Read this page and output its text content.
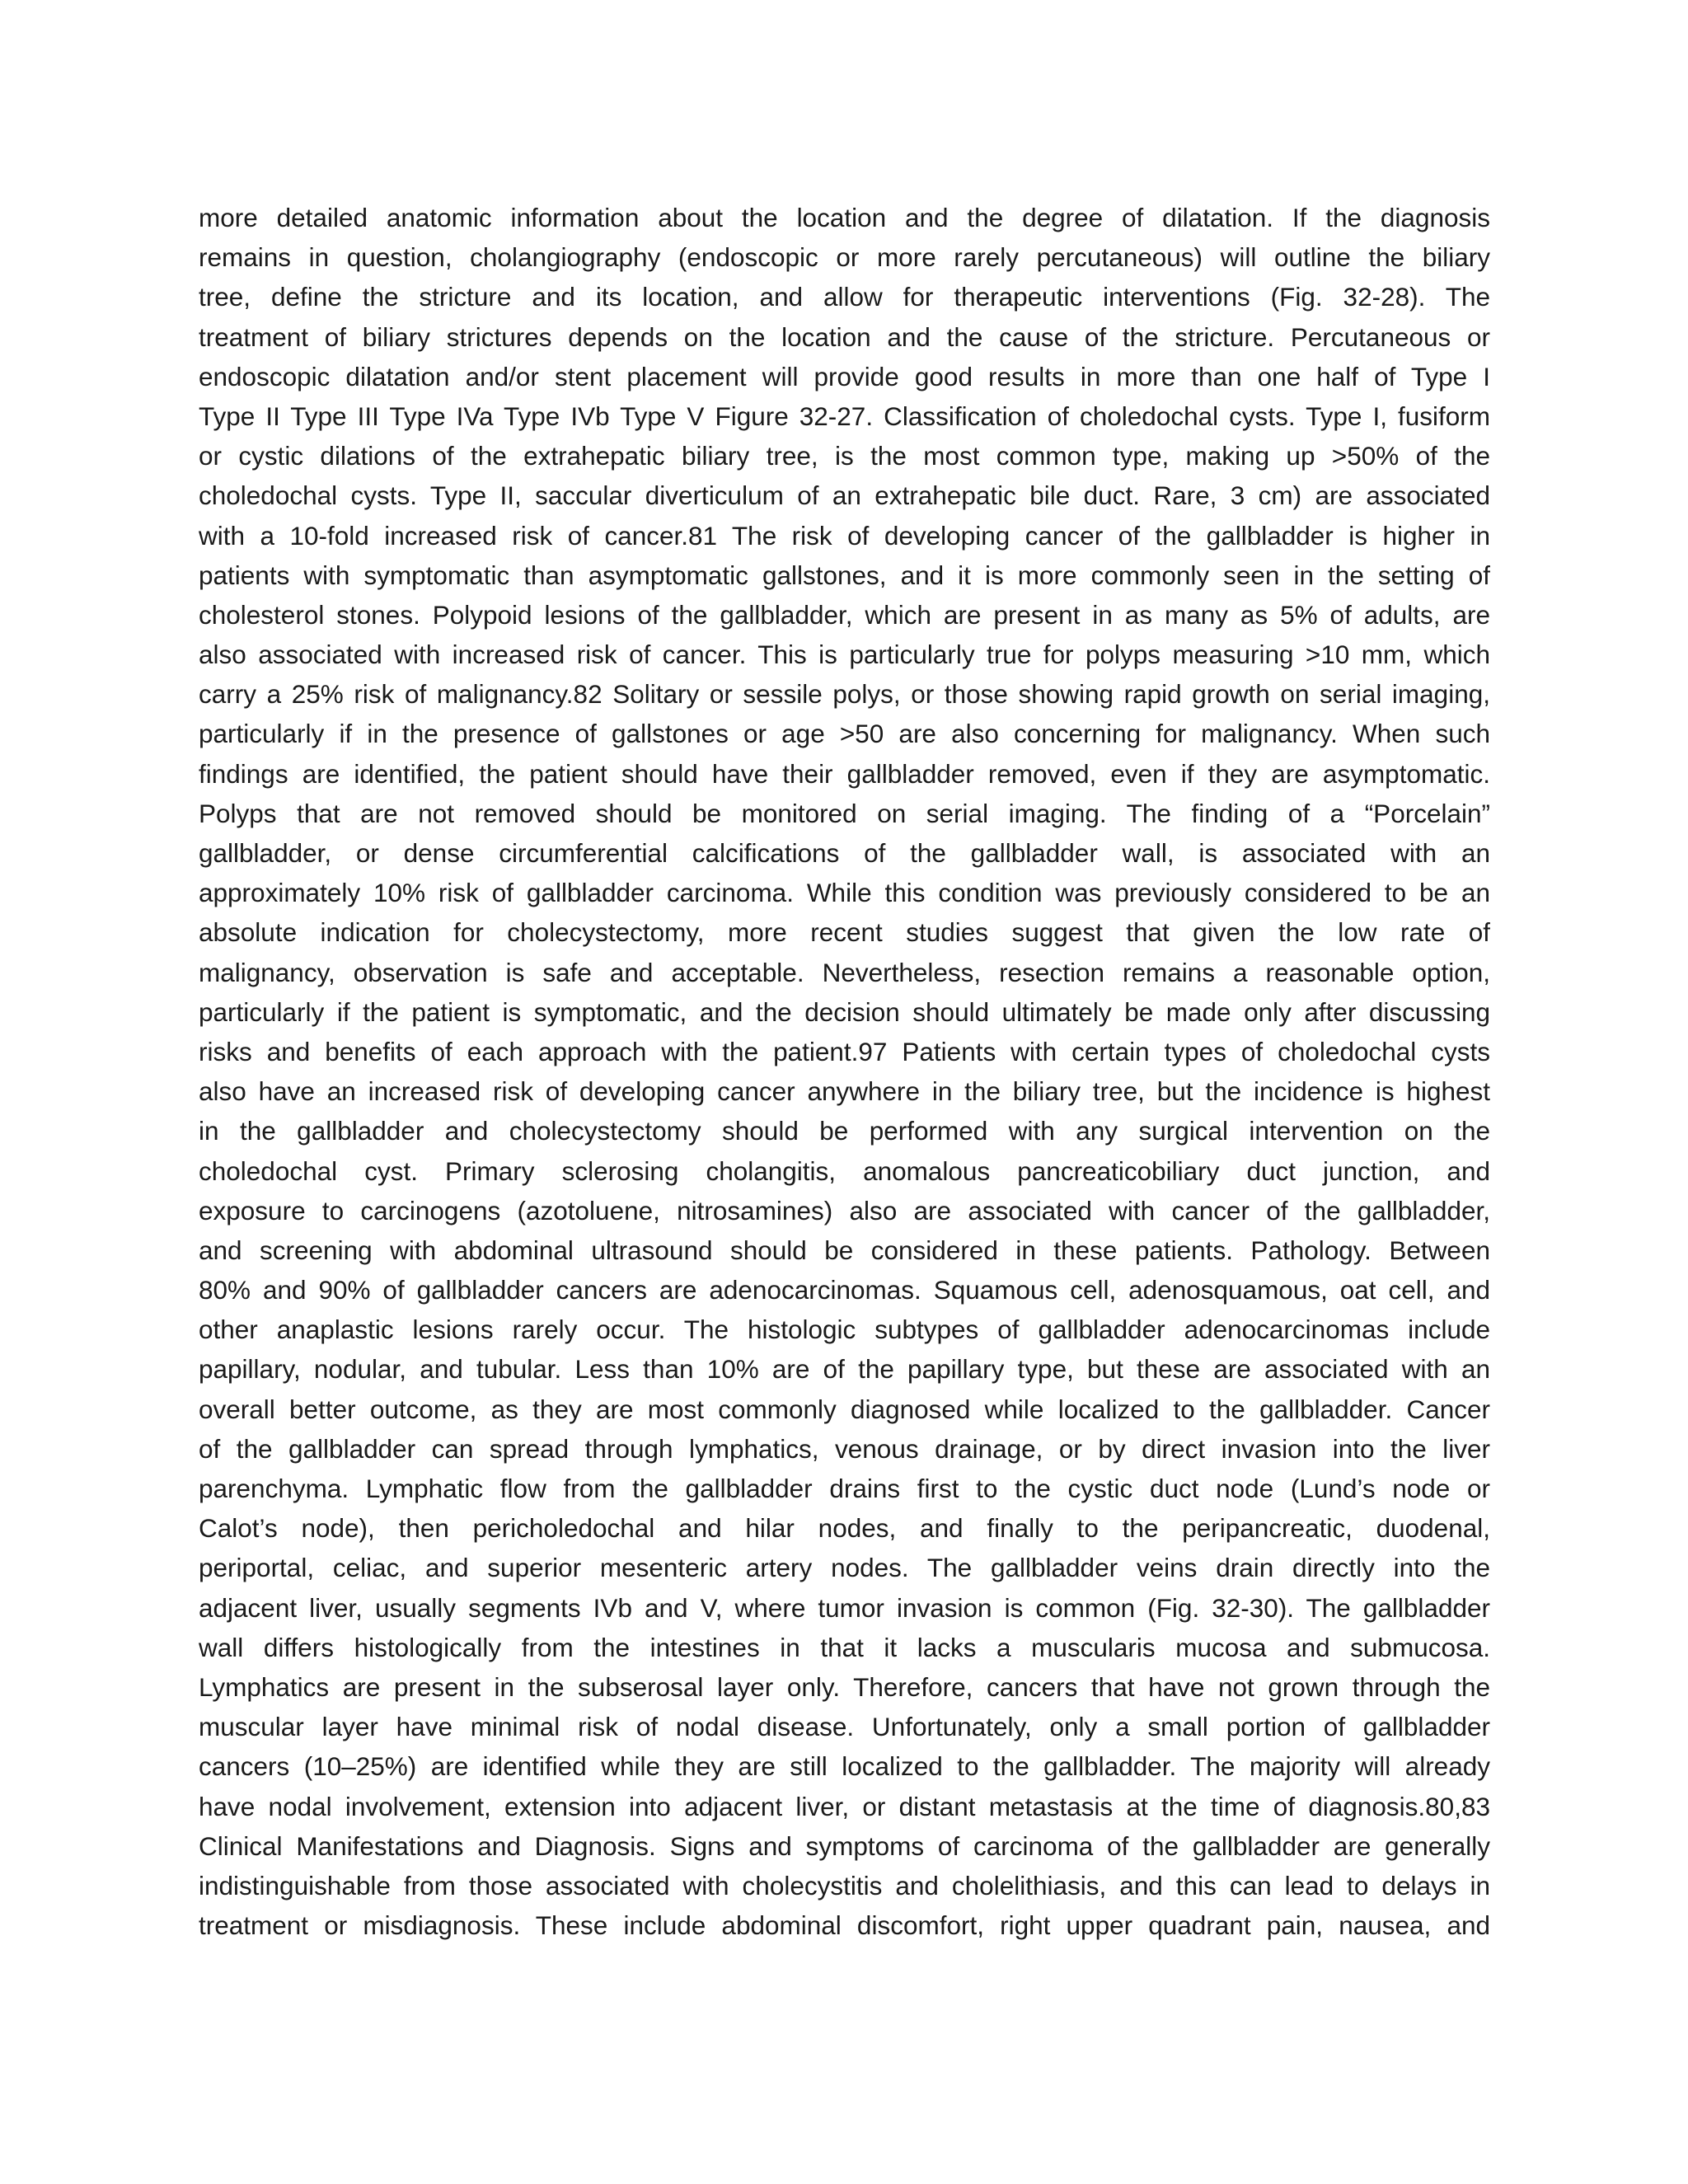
more detailed anatomic information about the location and the degree of dilatation. If the diagnosis
remains in question, cholangiography (endoscopic or more rarely percutaneous) will outline the biliary
tree, define the stricture and its location, and allow for therapeutic interventions (Fig. 32-28). The
treatment of biliary strictures depends on the location and the cause of the stricture. Percutaneous or
endoscopic dilatation and/or stent placement will provide good results in more than one half of Type I
Type II Type III Type IVa Type IVb Type V Figure 32-27. Classification of choledochal cysts. Type I, fusiform
or cystic dilations of the extrahepatic biliary tree, is the most common type, making up >50% of the
choledochal cysts. Type II, saccular diverticulum of an extrahepatic bile duct. Rare, 3 cm) are associated
with a 10-fold increased risk of cancer.81 The risk of developing cancer of the gallbladder is higher in
patients with symptomatic than asymptomatic gallstones, and it is more commonly seen in the setting of
cholesterol stones. Polypoid lesions of the gallbladder, which are present in as many as 5% of adults, are
also associated with increased risk of cancer. This is particularly true for polyps measuring >10 mm, which
carry a 25% risk of malignancy.82 Solitary or sessile polys, or those showing rapid growth on serial imaging,
particularly if in the presence of gallstones or age >50 are also concerning for malignancy. When such
findings are identified, the patient should have their gallbladder removed, even if they are asymptomatic.
Polyps that are not removed should be monitored on serial imaging. The finding of a “Porcelain”
gallbladder, or dense circumferential calcifications of the gallbladder wall, is associated with an
approximately 10% risk of gallbladder carcinoma. While this condition was previously considered to be an
absolute indication for cholecystectomy, more recent studies suggest that given the low rate of
malignancy, observation is safe and acceptable. Nevertheless, resection remains a reasonable option,
particularly if the patient is symptomatic, and the decision should ultimately be made only after discussing
risks and benefits of each approach with the patient.97 Patients with certain types of choledochal cysts
also have an increased risk of developing cancer anywhere in the biliary tree, but the incidence is highest
in the gallbladder and cholecystectomy should be performed with any surgical intervention on the
choledochal cyst. Primary sclerosing cholangitis, anomalous pancreaticobiliary duct junction, and
exposure to carcinogens (azotoluene, nitrosamines) also are associated with cancer of the gallbladder,
and screening with abdominal ultrasound should be considered in these patients. Pathology. Between
80% and 90% of gallbladder cancers are adenocarcinomas. Squamous cell, adenosquamous, oat cell, and
other anaplastic lesions rarely occur. The histologic subtypes of gallbladder adenocarcinomas include
papillary, nodular, and tubular. Less than 10% are of the papillary type, but these are associated with an
overall better outcome, as they are most commonly diagnosed while localized to the gallbladder. Cancer
of the gallbladder can spread through lymphatics, venous drainage, or by direct invasion into the liver
parenchyma. Lymphatic flow from the gallbladder drains first to the cystic duct node (Lund’s node or
Calot’s node), then pericholedochal and hilar nodes, and finally to the peripancreatic, duodenal,
periportal, celiac, and superior mesenteric artery nodes. The gallbladder veins drain directly into the
adjacent liver, usually segments IVb and V, where tumor invasion is common (Fig. 32-30). The gallbladder
wall differs histologically from the intestines in that it lacks a muscularis mucosa and submucosa.
Lymphatics are present in the subserosal layer only. Therefore, cancers that have not grown through the
muscular layer have minimal risk of nodal disease. Unfortunately, only a small portion of gallbladder
cancers (10–25%) are identified while they are still localized to the gallbladder. The majority will already
have nodal involvement, extension into adjacent liver, or distant metastasis at the time of diagnosis.80,83
Clinical Manifestations and Diagnosis. Signs and symptoms of carcinoma of the gallbladder are generally
indistinguishable from those associated with cholecystitis and cholelithiasis, and this can lead to delays in
treatment or misdiagnosis. These include abdominal discomfort, right upper quadrant pain, nausea, and
